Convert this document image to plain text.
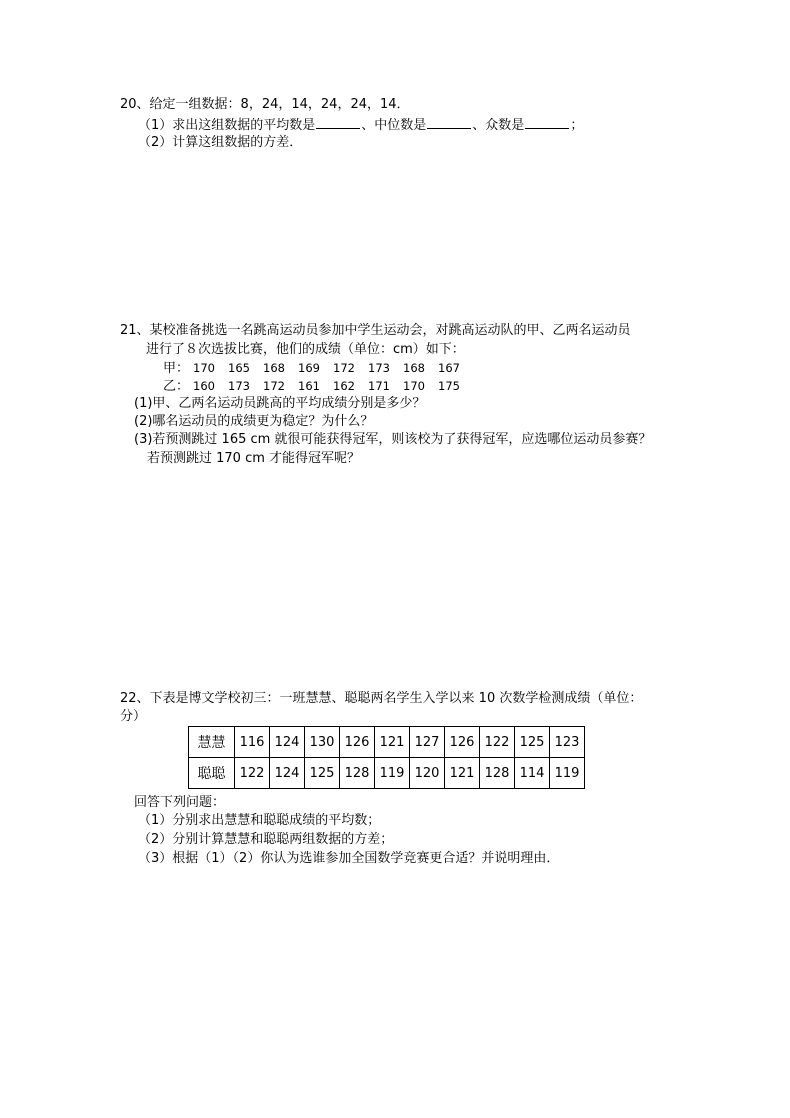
20、给定一组数据：8，24，14，24，24，14．
（1）求出这组数据的平均数是	、中位数是	、众数是	；
（2）计算这组数据的方差．
21、某校准备挑选一名跳高运动员参加中学生运动会，对跳高运动队的甲、乙两名运动员
进行了８次选拔比赛，他们的成绩（单位：cm）如下：
甲： 170 165 168 169 172 173 168 167
乙： 160 173 172 161 162 171 170 175
(1)甲、乙两名运动员跳高的平均成绩分别是多少？
(2)哪名运动员的成绩更为稳定？为什么？
(3)若预测跳过 165 cm 就很可能获得冠军，则该校为了获得冠军，应选哪位运动员参赛？
若预测跳过 170 cm 才能得冠军呢？
22、下表是博文学校初三：一班慧慧、聪聪两名学生入学以来 10 次数学检测成绩（单位：
分）
慧慧	116	124	130	126	121	127	126	122	125	123
聪聪	122	124	125	128	119	120	121	128	114	119
回答下列问题：
（1）分别求出慧慧和聪聪成绩的平均数；
（2）分别计算慧慧和聪聪两组数据的方差；
（3）根据（1）（2）你认为选谁参加全国数学竞赛更合适？并说明理由．
